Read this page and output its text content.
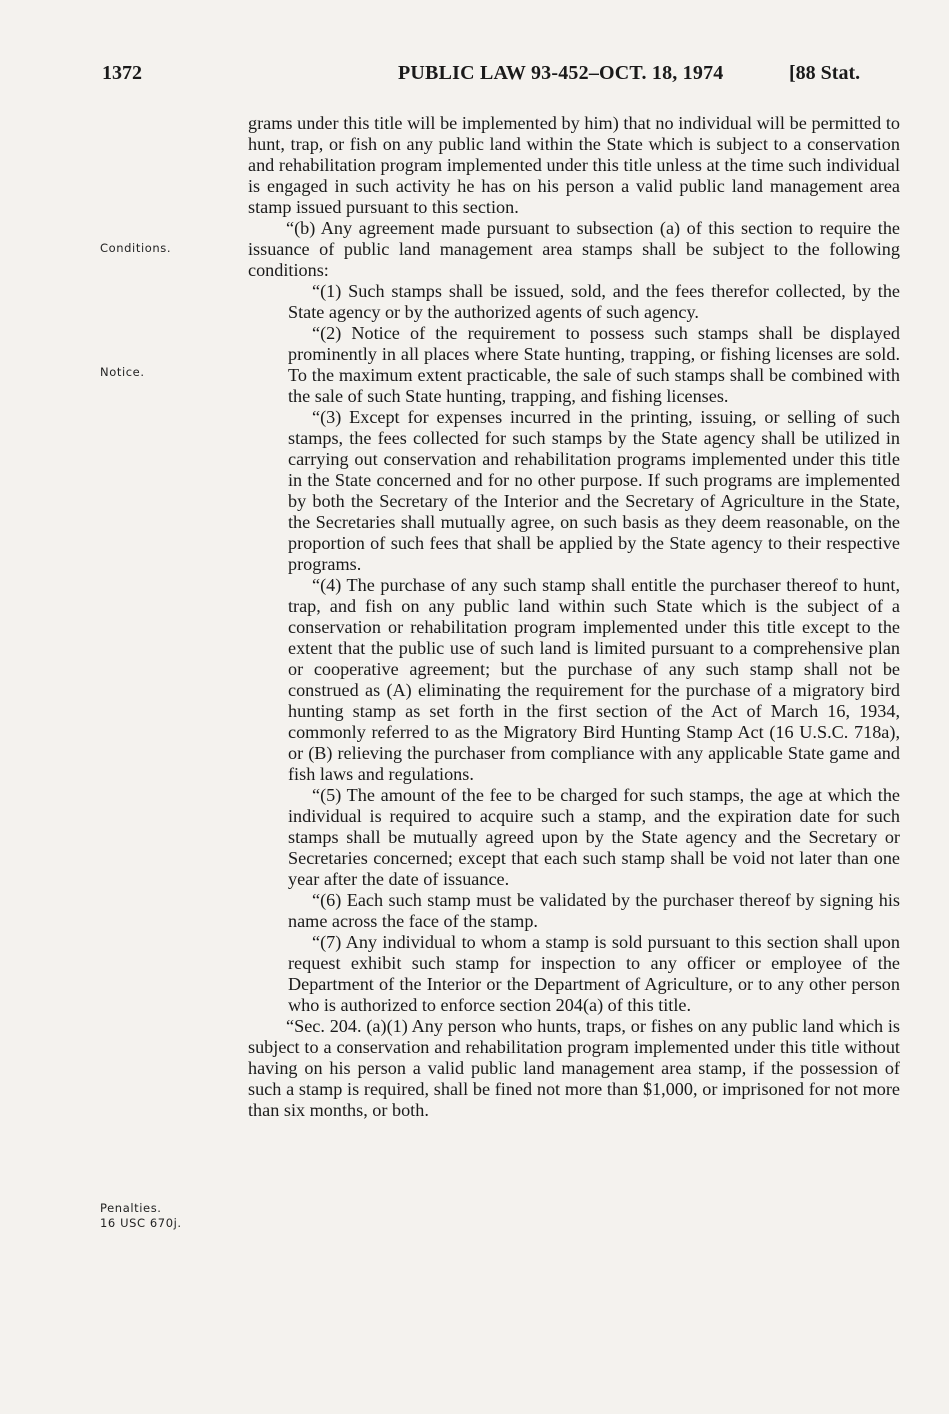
1372	PUBLIC LAW 93-452–OCT. 18, 1974	[88 Stat.
Conditions.
Notice.
Penalties.
16 USC 670j.

grams under this title will be implemented by him) that no individual will be permitted to hunt, trap, or fish on any public land within the State which is subject to a conservation and rehabilitation program implemented under this title unless at the time such individual is engaged in such activity he has on his person a valid public land management area stamp issued pursuant to this section.

“(b) Any agreement made pursuant to subsection (a) of this section to require the issuance of public land management area stamps shall be subject to the following conditions:

“(1) Such stamps shall be issued, sold, and the fees therefor collected, by the State agency or by the authorized agents of such agency.

“(2) Notice of the requirement to possess such stamps shall be displayed prominently in all places where State hunting, trapping, or fishing licenses are sold. To the maximum extent practicable, the sale of such stamps shall be combined with the sale of such State hunting, trapping, and fishing licenses.

“(3) Except for expenses incurred in the printing, issuing, or selling of such stamps, the fees collected for such stamps by the State agency shall be utilized in carrying out conservation and rehabilitation programs implemented under this title in the State concerned and for no other purpose. If such programs are implemented by both the Secretary of the Interior and the Secretary of Agriculture in the State, the Secretaries shall mutually agree, on such basis as they deem reasonable, on the proportion of such fees that shall be applied by the State agency to their respective programs.

“(4) The purchase of any such stamp shall entitle the purchaser thereof to hunt, trap, and fish on any public land within such State which is the subject of a conservation or rehabilitation program implemented under this title except to the extent that the public use of such land is limited pursuant to a comprehensive plan or cooperative agreement; but the purchase of any such stamp shall not be construed as (A) eliminating the requirement for the purchase of a migratory bird hunting stamp as set forth in the first section of the Act of March 16, 1934, commonly referred to as the Migratory Bird Hunting Stamp Act (16 U.S.C. 718a), or (B) relieving the purchaser from compliance with any applicable State game and fish laws and regulations.

“(5) The amount of the fee to be charged for such stamps, the age at which the individual is required to acquire such a stamp, and the expiration date for such stamps shall be mutually agreed upon by the State agency and the Secretary or Secretaries concerned; except that each such stamp shall be void not later than one year after the date of issuance.

“(6) Each such stamp must be validated by the purchaser thereof by signing his name across the face of the stamp.

“(7) Any individual to whom a stamp is sold pursuant to this section shall upon request exhibit such stamp for inspection to any officer or employee of the Department of the Interior or the Department of Agriculture, or to any other person who is authorized to enforce section 204(a) of this title.

“Sec. 204. (a)(1) Any person who hunts, traps, or fishes on any public land which is subject to a conservation and rehabilitation program implemented under this title without having on his person a valid public land management area stamp, if the possession of such a stamp is required, shall be fined not more than $1,000, or imprisoned for not more than six months, or both.
